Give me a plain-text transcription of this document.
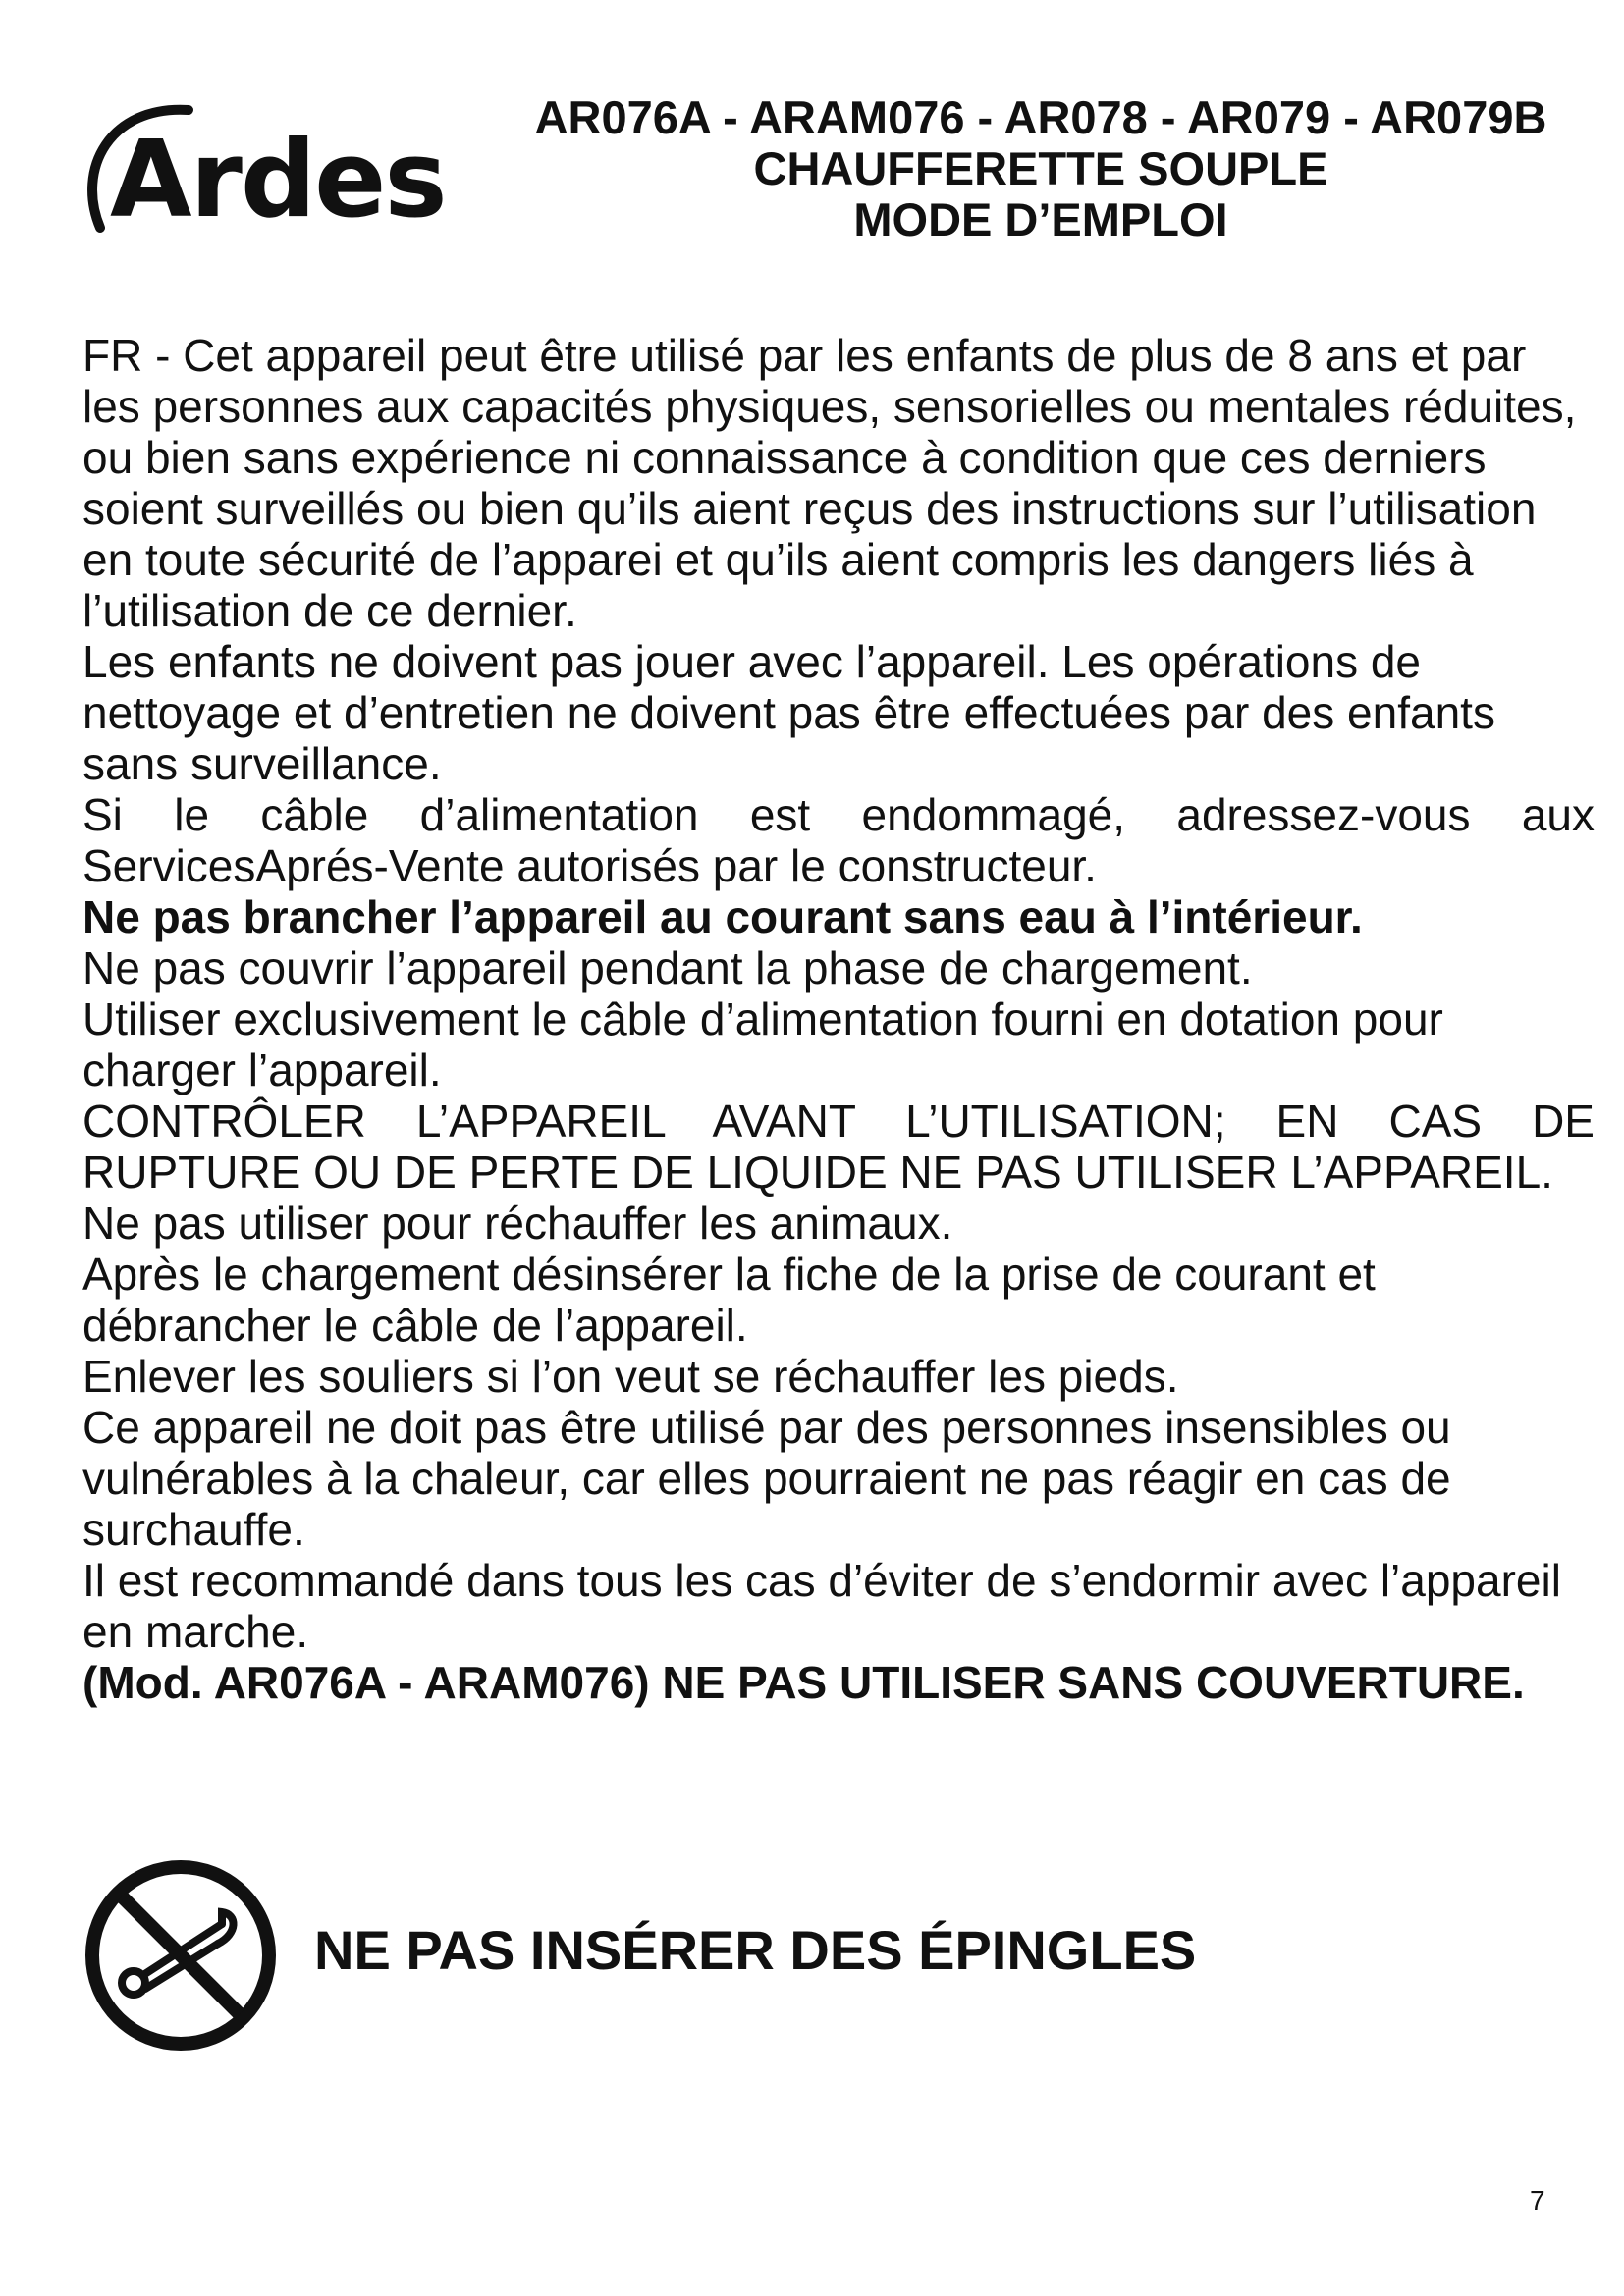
Ardes
AR076A - ARAM076 - AR078 - AR079 - AR079B
CHAUFFERETTE SOUPLE
MODE D’EMPLOI

FR - Cet appareil peut être utilisé par les enfants de plus de 8 ans et par les personnes aux capacités physiques, sensorielles ou mentales réduites, ou bien sans expérience ni connaissance à condition que ces derniers soient surveillés ou bien qu’ils aient reçus des instructions sur l’utilisation en toute sécurité de l’apparei et qu’ils aient compris les dangers liés à l’utilisation de ce dernier.

Les enfants ne doivent pas jouer avec l’appareil. Les opérations de nettoyage et d’entretien ne doivent pas être effectuées par des enfants sans surveillance.

Si le câble d’alimentation est endommagé, adressez-vous aux ServicesAprés-Vente autorisés par le constructeur.

Ne pas brancher l’appareil au courant sans eau à l’intérieur.

Ne pas couvrir l’appareil pendant la phase de chargement.

Utiliser exclusivement le câble d’alimentation fourni en dotation pour charger l’appareil.

CONTRÔLER L’APPAREIL AVANT L’UTILISATION; EN CAS DE RUPTURE OU DE PERTE DE LIQUIDE NE PAS UTILISER L’APPAREIL.

Ne pas utiliser pour réchauffer les animaux.

Après le chargement désinsérer la fiche de la prise de courant et débrancher le câble de l’appareil.

Enlever les souliers si l’on veut se réchauffer les pieds.

Ce appareil ne doit pas être utilisé par des personnes insensibles ou vulnérables à la chaleur, car elles pourraient ne pas réagir en cas de surchauffe.

Il est recommandé dans tous les cas d’éviter de s’endormir avec l’appareil en marche.

(Mod. AR076A - ARAM076) NE PAS UTILISER SANS COUVERTURE.

NE PAS INSÉRER DES ÉPINGLES
7
